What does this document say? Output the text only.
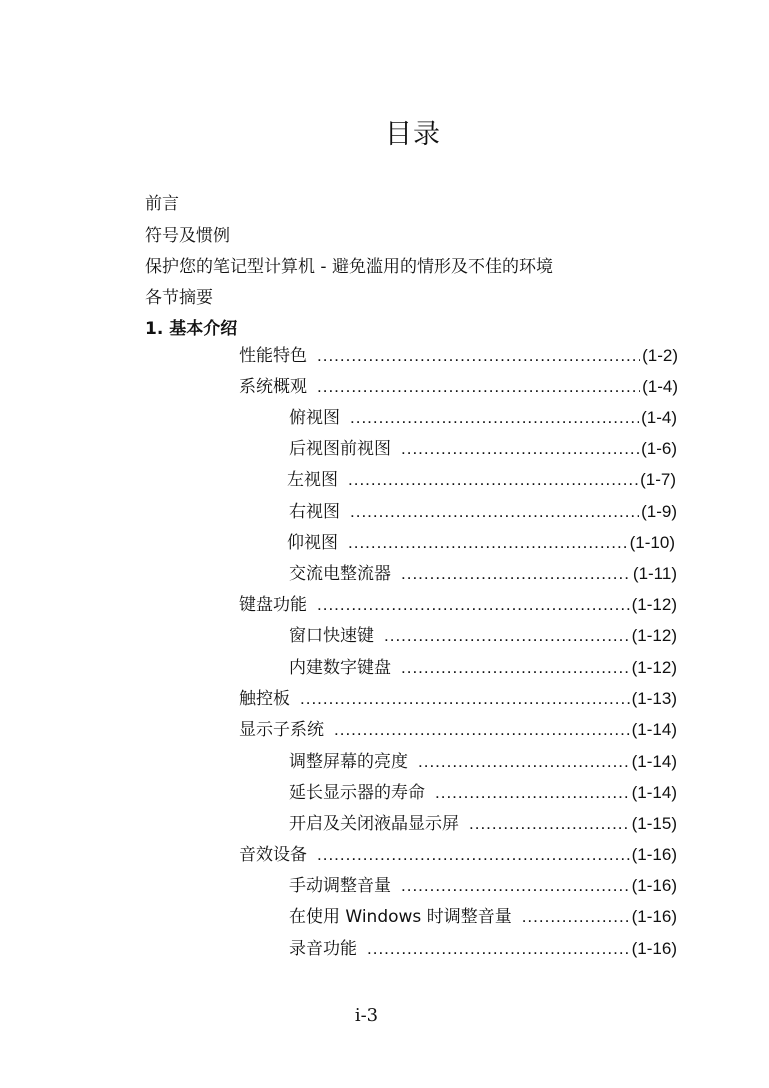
目录
前言
符号及惯例
保护您的笔记型计算机 - 避免滥用的情形及不佳的环境
各节摘要
1. 基本介绍
性能特色 .....	(1-2)
系统概观 .....	(1-4)
俯视图 .....	(1-4)
后视图前视图 .....	(1-6)
左视图 .....	(1-7)
右视图 .....	(1-9)
仰视图 .....	(1-10)
交流电整流器 .....	(1-11)
键盘功能 .....	(1-12)
窗口快速键 .....	(1-12)
内建数字键盘 .....	(1-12)
触控板 .....	(1-13)
显示子系统 .....	(1-14)
调整屏幕的亮度 .....	(1-14)
延长显示器的寿命 .....	(1-14)
开启及关闭液晶显示屏 .....	(1-15)
音效设备 .....	(1-16)
手动调整音量 .....	(1-16)
在使用 Windows 时调整音量 .....	(1-16)
录音功能 .....	(1-16)
i-3
